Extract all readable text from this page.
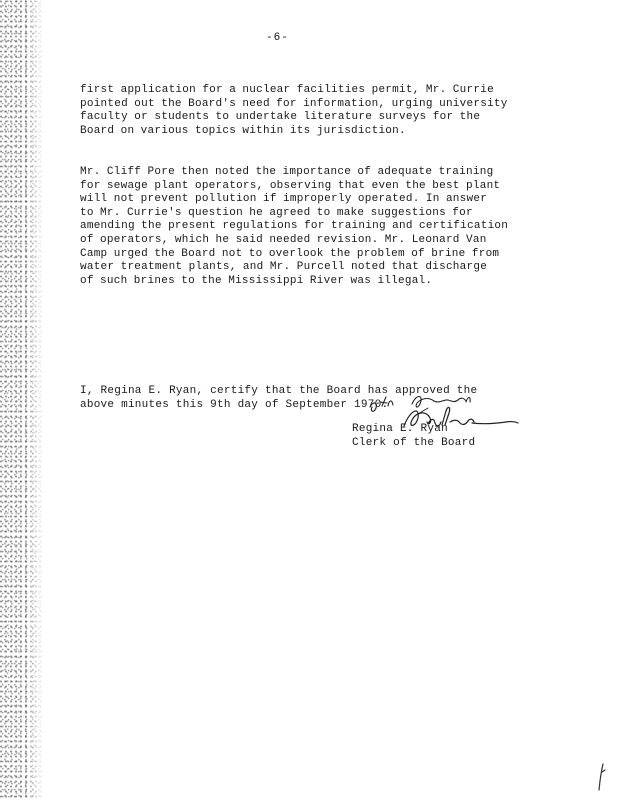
-6-

first application for a nuclear facilities permit, Mr. Currie
pointed out the Board's need for information, urging university
faculty or students to undertake literature surveys for the
Board on various topics within its jurisdiction.

Mr. Cliff Pore then noted the importance of adequate training
for sewage plant operators, observing that even the best plant
will not prevent pollution if improperly operated. In answer
to Mr. Currie's question he agreed to make suggestions for
amending the present regulations for training and certification
of operators, which he said needed revision. Mr. Leonard Van
Camp urged the Board not to overlook the problem of brine from
water treatment plants, and Mr. Purcell noted that discharge
of such brines to the Mississippi River was illegal.

I, Regina E. Ryan, certify that the Board has approved the
above minutes this 9th day of September 1970.

Regina E. Ryan
Clerk of the Board
